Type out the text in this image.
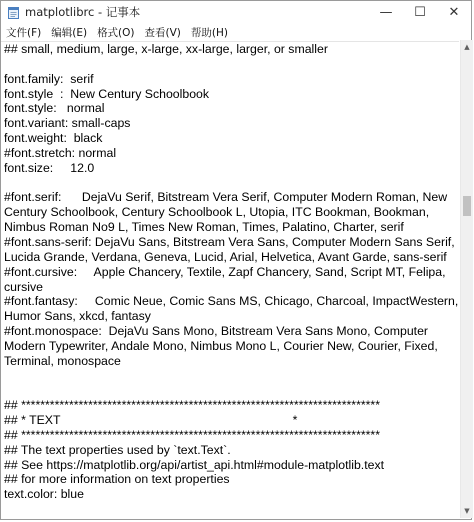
matplotlibrc - 记事本	—	☐	✕
文件(F) 编辑(E) 格式(O) 查看(V) 帮助(H)
## small, medium, large, x-large, xx-large, larger, or smaller
font.family:  serif
font.style  :  New Century Schoolbook
font.style:   normal
font.variant: small-caps
font.weight:  black
#font.stretch: normal
font.size:     12.0
#font.serif:      DejaVu Serif, Bitstream Vera Serif, Computer Modern Roman, New
Century Schoolbook, Century Schoolbook L, Utopia, ITC Bookman, Bookman,
Nimbus Roman No9 L, Times New Roman, Times, Palatino, Charter, serif
#font.sans-serif: DejaVu Sans, Bitstream Vera Sans, Computer Modern Sans Serif,
Lucida Grande, Verdana, Geneva, Lucid, Arial, Helvetica, Avant Garde, sans-serif
#font.cursive:     Apple Chancery, Textile, Zapf Chancery, Sand, Script MT, Felipa,
cursive
#font.fantasy:     Comic Neue, Comic Sans MS, Chicago, Charcoal, ImpactWestern,
Humor Sans, xkcd, fantasy
#font.monospace:  DejaVu Sans Mono, Bitstream Vera Sans Mono, Computer
Modern Typewriter, Andale Mono, Nimbus Mono L, Courier New, Courier, Fixed,
Terminal, monospace
## ***************************************************************************
## * TEXT                                                                    *
## ***************************************************************************
## The text properties used by `text.Text`.
## See https://matplotlib.org/api/artist_api.html#module-matplotlib.text
## for more information on text properties
text.color: blue
▲
▼
